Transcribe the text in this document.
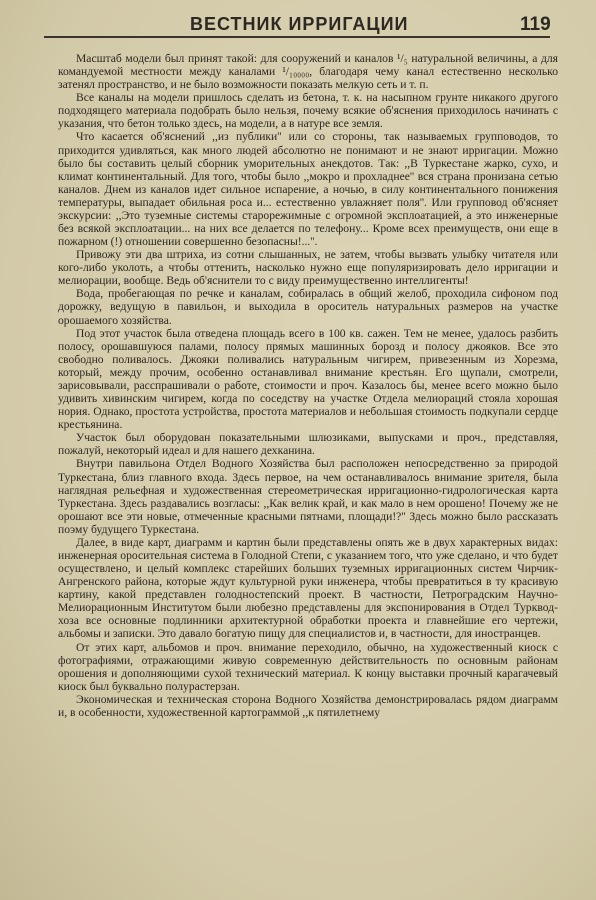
ВЕСТНИК ИРРИГАЦИИ	119

Масштаб модели был принят такой: для сооружений и каналов ¹/₅ натуральной величины, а для командуемой местности между каналами ¹/₁₀₀₀₀, благодаря чему канал естественно несколько затенял пространство, и не было возможности показать мелкую сеть и т. п.

Все каналы на модели пришлось сделать из бетона, т. к. на насыпном грунте никакого другого подходящего материала подобрать было нельзя, почему всякие об'яснения приходилось начинать с указания, что бетон только здесь, на модели, а в натуре все земля.

Что касается об'яснений ,,из публики'' или со стороны, так называемых групповодов, то приходится удивляться, как много людей абсолютно не понимают и не знают ирригации. Можно было бы составить целый сборник уморительных анекдотов. Так: ,,В Туркестане жарко, сухо, и климат континентальный. Для того, чтобы было ,,мокро и прохладнее'' вся страна пронизана сетью каналов. Днем из каналов идет сильное испарение, а ночью, в силу континентального понижения температуры, выпадает обильная роса и... естественно увлажняет поля''. Или групповод об'ясняет экскурсии: ,,Это туземные системы старорежимные с огромной эксплоатацией, а это инженерные без всякой эксплоатации... на них все делается по телефону... Кроме всех преимуществ, они еще в пожарном (!) отношении совершенно безопасны!...''.

Привожу эти два штриха, из сотни слышанных, не затем, чтобы вызвать улыбку читателя или кого-либо уколоть, а чтобы оттенить, насколько нужно еще популяризировать дело ирригации и мелиорации, вообще. Ведь об'яснители то с виду преимущественно интеллигенты!

Вода, пробегающая по речке и каналам, собиралась в общий желоб, проходила сифоном под дорожку, ведущую в павильон, и выходила в ороситель натуральных размеров на участке орошаемого хозяйства.

Под этот участок была отведена площадь всего в 100 кв. сажен. Тем не менее, удалось разбить полосу, орошавшуюся палами, полосу прямых машинных борозд и полосу джояков. Все это свободно поливалось. Джояки поливались натуральным чигирем, привезенным из Хорезма, который, между прочим, особенно останавливал внимание крестьян. Его щупали, смотрели, зарисовывали, расспрашивали о работе, стоимости и проч. Казалось бы, менее всего можно было удивить хивинским чигирем, когда по соседству на участке Отдела мелиораций стояла хорошая нория. Однако, простота устройства, простота материалов и небольшая стоимость подкупали сердце крестьянина.

Участок был оборудован показательными шлюзиками, выпусками и проч., представляя, пожалуй, некоторый идеал и для нашего дехканина.

Внутри павильона Отдел Водного Хозяйства был расположен непосредственно за природой Туркестана, близ главного входа. Здесь первое, на чем останавливалось внимание зрителя, была наглядная рельефная и художественная стереометрическая ирригационно-гидрологическая карта Туркестана. Здесь раздавались возгласы: ,,Как велик край, и как мало в нем орошено! Почему же не орошают все эти новые, отмеченные красными пятнами, площади!?'' Здесь можно было рассказать поэму будущего Туркестана.

Далее, в виде карт, диаграмм и картин были представлены опять же в двух характерных видах: инженерная оросительная система в Голодной Степи, с указанием того, что уже сделано, и что будет осуществлено, и целый комплекс старейших больших туземных ирригационных систем Чирчик-Ангренского района, которые ждут культурной руки инженера, чтобы превратиться в ту красивую картину, какой представлен голодностепский проект. В частности, Петроградским Научно-Мелиорационным Институтом были любезно представлены для экспонирования в Отдел Туркводхоза все основные подлинники архитектурной обработки проекта и главнейшие его чертежи, альбомы и записки. Это давало богатую пищу для специалистов и, в частности, для иностранцев.

От этих карт, альбомов и проч. внимание переходило, обычно, на художественный киоск с фотографиями, отражающими живую современную действительность по основным районам орошения и дополняющими сухой технический материал. К концу выставки прочный карагачевый киоск был буквально полурастерзан.

Экономическая и техническая сторона Водного Хозяйства демонстрировалась рядом диаграмм и, в особенности, художественной картограммой ,,к пятилетнему
